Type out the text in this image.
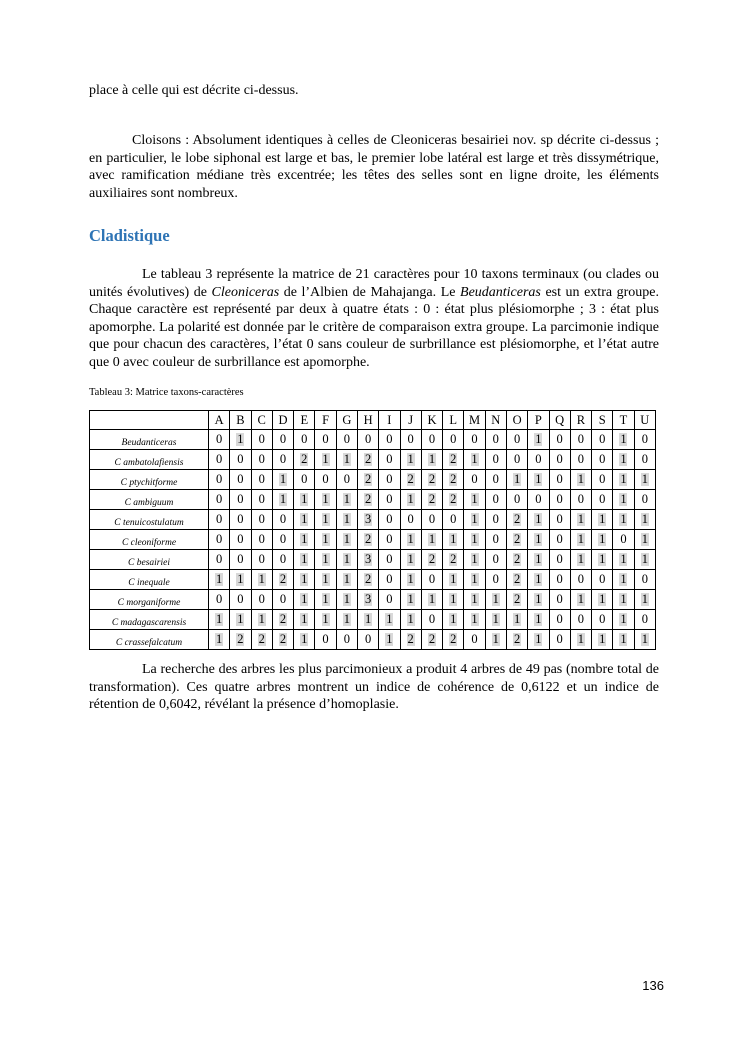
place à celle qui est décrite ci-dessus.

Cloisons : Absolument identiques à celles de Cleoniceras besairiei nov. sp décrite ci-dessus ; en particulier, le lobe siphonal est large et bas, le premier lobe latéral est large et très dissymétrique, avec ramification médiane très excentrée; les têtes des selles sont en ligne droite, les éléments auxiliaires sont nombreux.

Cladistique

Le tableau 3 représente la matrice de 21 caractères pour 10 taxons terminaux (ou clades ou unités évolutives) de Cleoniceras de l’Albien de Mahajanga. Le Beudanticeras est un extra groupe. Chaque caractère est représenté par deux à quatre états : 0 : état plus plésiomorphe ; 3 : état plus apomorphe. La polarité est donnée par le critère de comparaison extra groupe. La parcimonie indique que pour chacun des caractères, l’état 0 sans couleur de surbrillance est plésiomorphe, et l’état autre que 0 avec couleur de surbrillance est apomorphe.

Tableau 3: Matrice taxons-caractères

	A	B	C	D	E	F	G	H	I	J	K	L	M	N	O	P	Q	R	S	T	U
Beudanticeras	0	1	0	0	0	0	0	0	0	0	0	0	0	0	0	1	0	0	0	1	0
C ambatolafiensis	0	0	0	0	2	1	1	2	0	1	1	2	1	0	0	0	0	0	0	1	0
C ptychitforme	0	0	0	1	0	0	0	2	0	2	2	2	0	0	1	1	0	1	0	1	1
C ambiguum	0	0	0	1	1	1	1	2	0	1	2	2	1	0	0	0	0	0	0	1	0
C tenuicostulatum	0	0	0	0	1	1	1	3	0	0	0	0	1	0	2	1	0	1	1	1	1
C cleoniforme	0	0	0	0	1	1	1	2	0	1	1	1	1	0	2	1	0	1	1	0	1
C besairiei	0	0	0	0	1	1	1	3	0	1	2	2	1	0	2	1	0	1	1	1	1
C inequale	1	1	1	2	1	1	1	2	0	1	0	1	1	0	2	1	0	0	0	1	0
C morganiforme	0	0	0	0	1	1	1	3	0	1	1	1	1	1	2	1	0	1	1	1	1
C madagascarensis	1	1	1	2	1	1	1	1	1	1	0	1	1	1	1	1	0	0	0	1	0
C crassefalcatum	1	2	2	2	1	0	0	0	1	2	2	2	0	1	2	1	0	1	1	1	1

La recherche des arbres les plus parcimonieux a produit 4 arbres de 49 pas (nombre total de transformation). Ces quatre arbres montrent un indice de cohérence de 0,6122 et un indice de rétention de 0,6042, révélant la présence d’homoplasie.

136
